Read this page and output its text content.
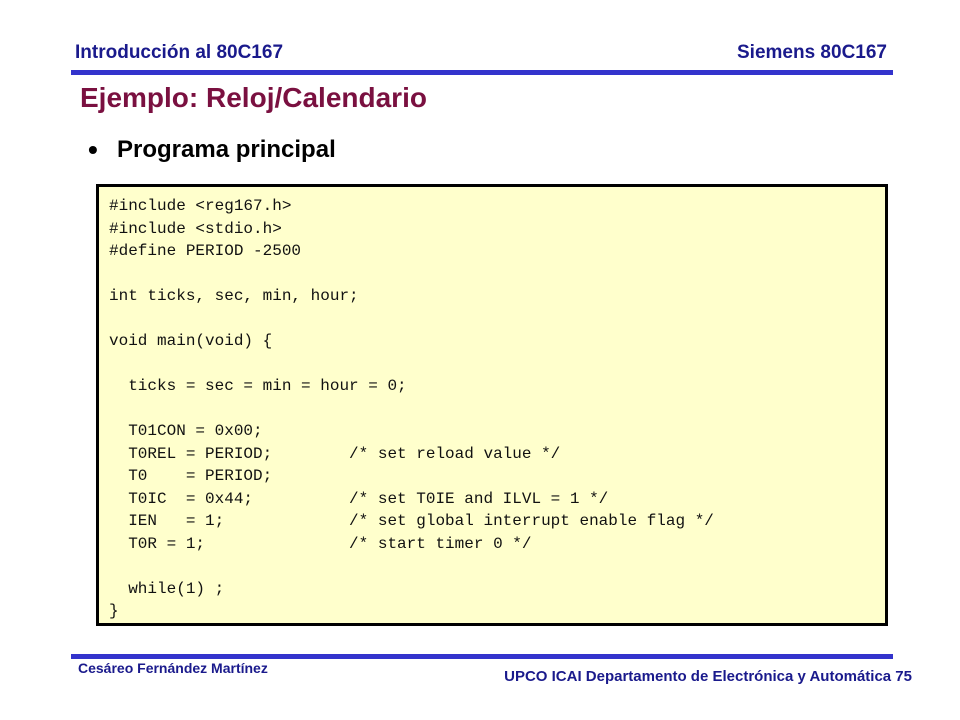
Introducción al 80C167	Siemens 80C167
Ejemplo: Reloj/Calendario
• Programa principal
#include <reg167.h>
#include <stdio.h>
#define PERIOD -2500
int ticks, sec, min, hour;
void main(void) {
ticks = sec = min = hour = 0;
T01CON = 0x00;
T0REL = PERIOD;        /* set reload value */
T0    = PERIOD;
T0IC  = 0x44;          /* set T0IE and ILVL = 1 */
IEN   = 1;             /* set global interrupt enable flag */
T0R = 1;               /* start timer 0 */
while(1) ;
}
Cesáreo Fernández Martínez	UPCO ICAI Departamento de Electrónica y Automática 75
